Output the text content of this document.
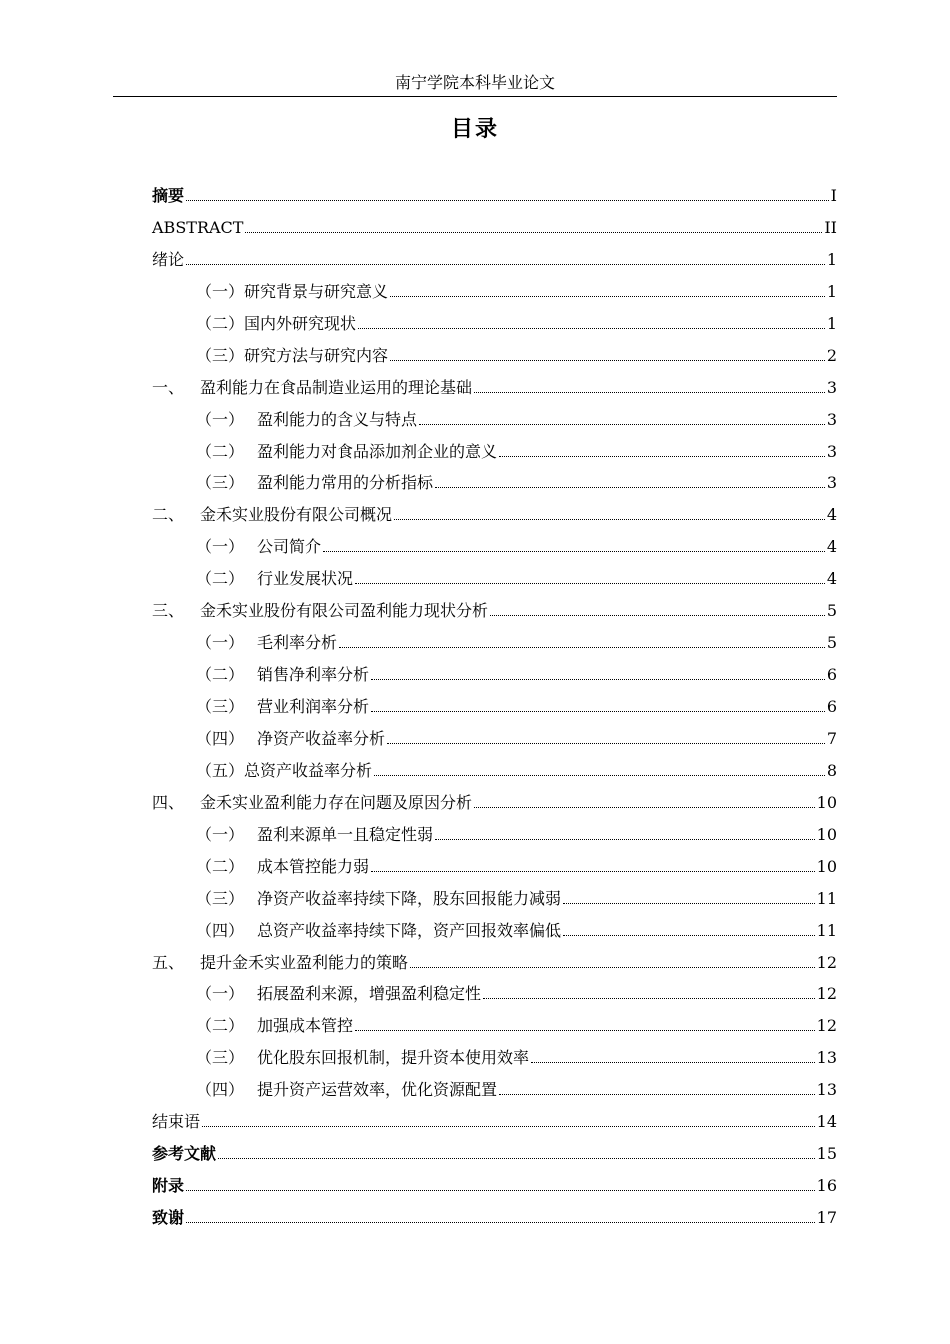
南宁学院本科毕业论文
目录
摘要	I
ABSTRACT	II
绪论	1
（一） 研究背景与研究意义	1
（二） 国内外研究现状	1
（三） 研究方法与研究内容	2
一、 盈利能力在食品制造业运用的理论基础	3
（一） 盈利能力的含义与特点	3
（二） 盈利能力对食品添加剂企业的意义	3
（三） 盈利能力常用的分析指标	3
二、 金禾实业股份有限公司概况	4
（一） 公司简介	4
（二） 行业发展状况	4
三、 金禾实业股份有限公司盈利能力现状分析	5
（一） 毛利率分析	5
（二） 销售净利率分析	6
（三） 营业利润率分析	6
（四） 净资产收益率分析	7
（五） 总资产收益率分析	8
四、 金禾实业盈利能力存在问题及原因分析	10
（一） 盈利来源单一且稳定性弱	10
（二） 成本管控能力弱	10
（三） 净资产收益率持续下降，股东回报能力减弱	11
（四） 总资产收益率持续下降，资产回报效率偏低	11
五、 提升金禾实业盈利能力的策略	12
（一） 拓展盈利来源，增强盈利稳定性	12
（二） 加强成本管控	12
（三） 优化股东回报机制，提升资本使用效率	13
（四） 提升资产运营效率，优化资源配置	13
结束语	14
参考文献	15
附录	16
致谢	17
